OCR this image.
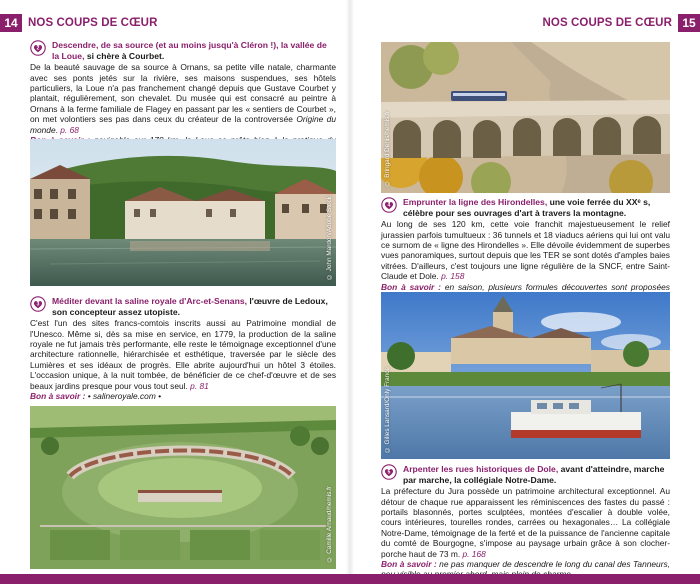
14 NOS COUPS DE CŒUR
2 Descendre, de sa source (et au moins jusqu'à Cléron !), la vallée de la Loue, si chère à Courbet.
De la beauté sauvage de sa source à Ornans, sa petite ville natale, charmante avec ses ponts jetés sur la rivière, ses maisons suspendues, ses hôtels particuliers, la Loue n'a pas franchement changé depuis que Gustave Courbet y plantait, régulièrement, son chevalet. Du musée qui est consacré au peintre à Ornans à la ferme familiale de Flagey en passant par les « sentiers de Courbet », on met volontiers ses pas dans ceux du créateur de la controversée Origine du monde. p. 68
© John Mardon/Adobe Stock
3 Méditer devant la saline royale d'Arc-et-Senans, l'œuvre de Ledoux, son concepteur assez utopiste.
C'est l'un des sites francs-comtois inscrits aussi au Patrimoine mondial de l'Unesco. Même si, dès sa mise en service, en 1779, la production de la saline royale ne fut jamais très performante, elle reste le témoignage exceptionnel d'une architecture rationnelle, hiérarchisée et esthétique, traversée par le siècle des Lumières et ses idéaux de progrès. Elle abrite aujourd'hui un hôtel 3 étoiles. L'occasion unique, à la nuit tombée, de bénéficier de ce chef-d'œuvre et de ses beaux jardins presque pour vous tout seul. p. 81
Bon à savoir : • salineroyale.com •
© Camille Arnaud/hemis.fr
15
NOS COUPS DE CŒUR
© Bringard Denis/hemis.fr
4 Emprunter la ligne des Hirondelles, une voie ferrée du XXᵉ s, célèbre pour ses ouvrages d'art à travers la montagne.
Au long de ses 120 km, cette voie franchit majestueusement le relief jurassien parfois tumultueux : 36 tunnels et 18 viaducs aériens qui lui ont valu ce surnom de « ligne des Hirondelles ». Elle dévoile évidemment de superbes vues panoramiques, surtout depuis que les TER se sont dotés d'amples baies vitrées. D'ailleurs, c'est toujours une ligne régulière de la SNCF, entre Saint-Claude et Dole. p. 158
Bon à savoir : en saison, plusieurs formules découvertes sont proposées
© Gilles Lansard/Only France
5 Arpenter les rues historiques de Dole, avant d'atteindre, marche par marche, la collégiale Notre-Dame.
La préfecture du Jura possède un patrimoine architectural exceptionnel. Au détour de chaque rue apparaissent les réminiscences des fastes du passé : portails blasonnés, portes sculptées, montées d'escalier à double volée, cours intérieures, tourelles rondes, carrées ou hexagonales… La collégiale Notre-Dame, témoignage de la ferté et de la puissance de l'ancienne capitale du comté de Bourgogne, s'impose au paysage urbain grâce à son clocher-porche haut de 73 m. p. 168
Bon à savoir : ne pas manquer de descendre le long du canal des Tanneurs,
